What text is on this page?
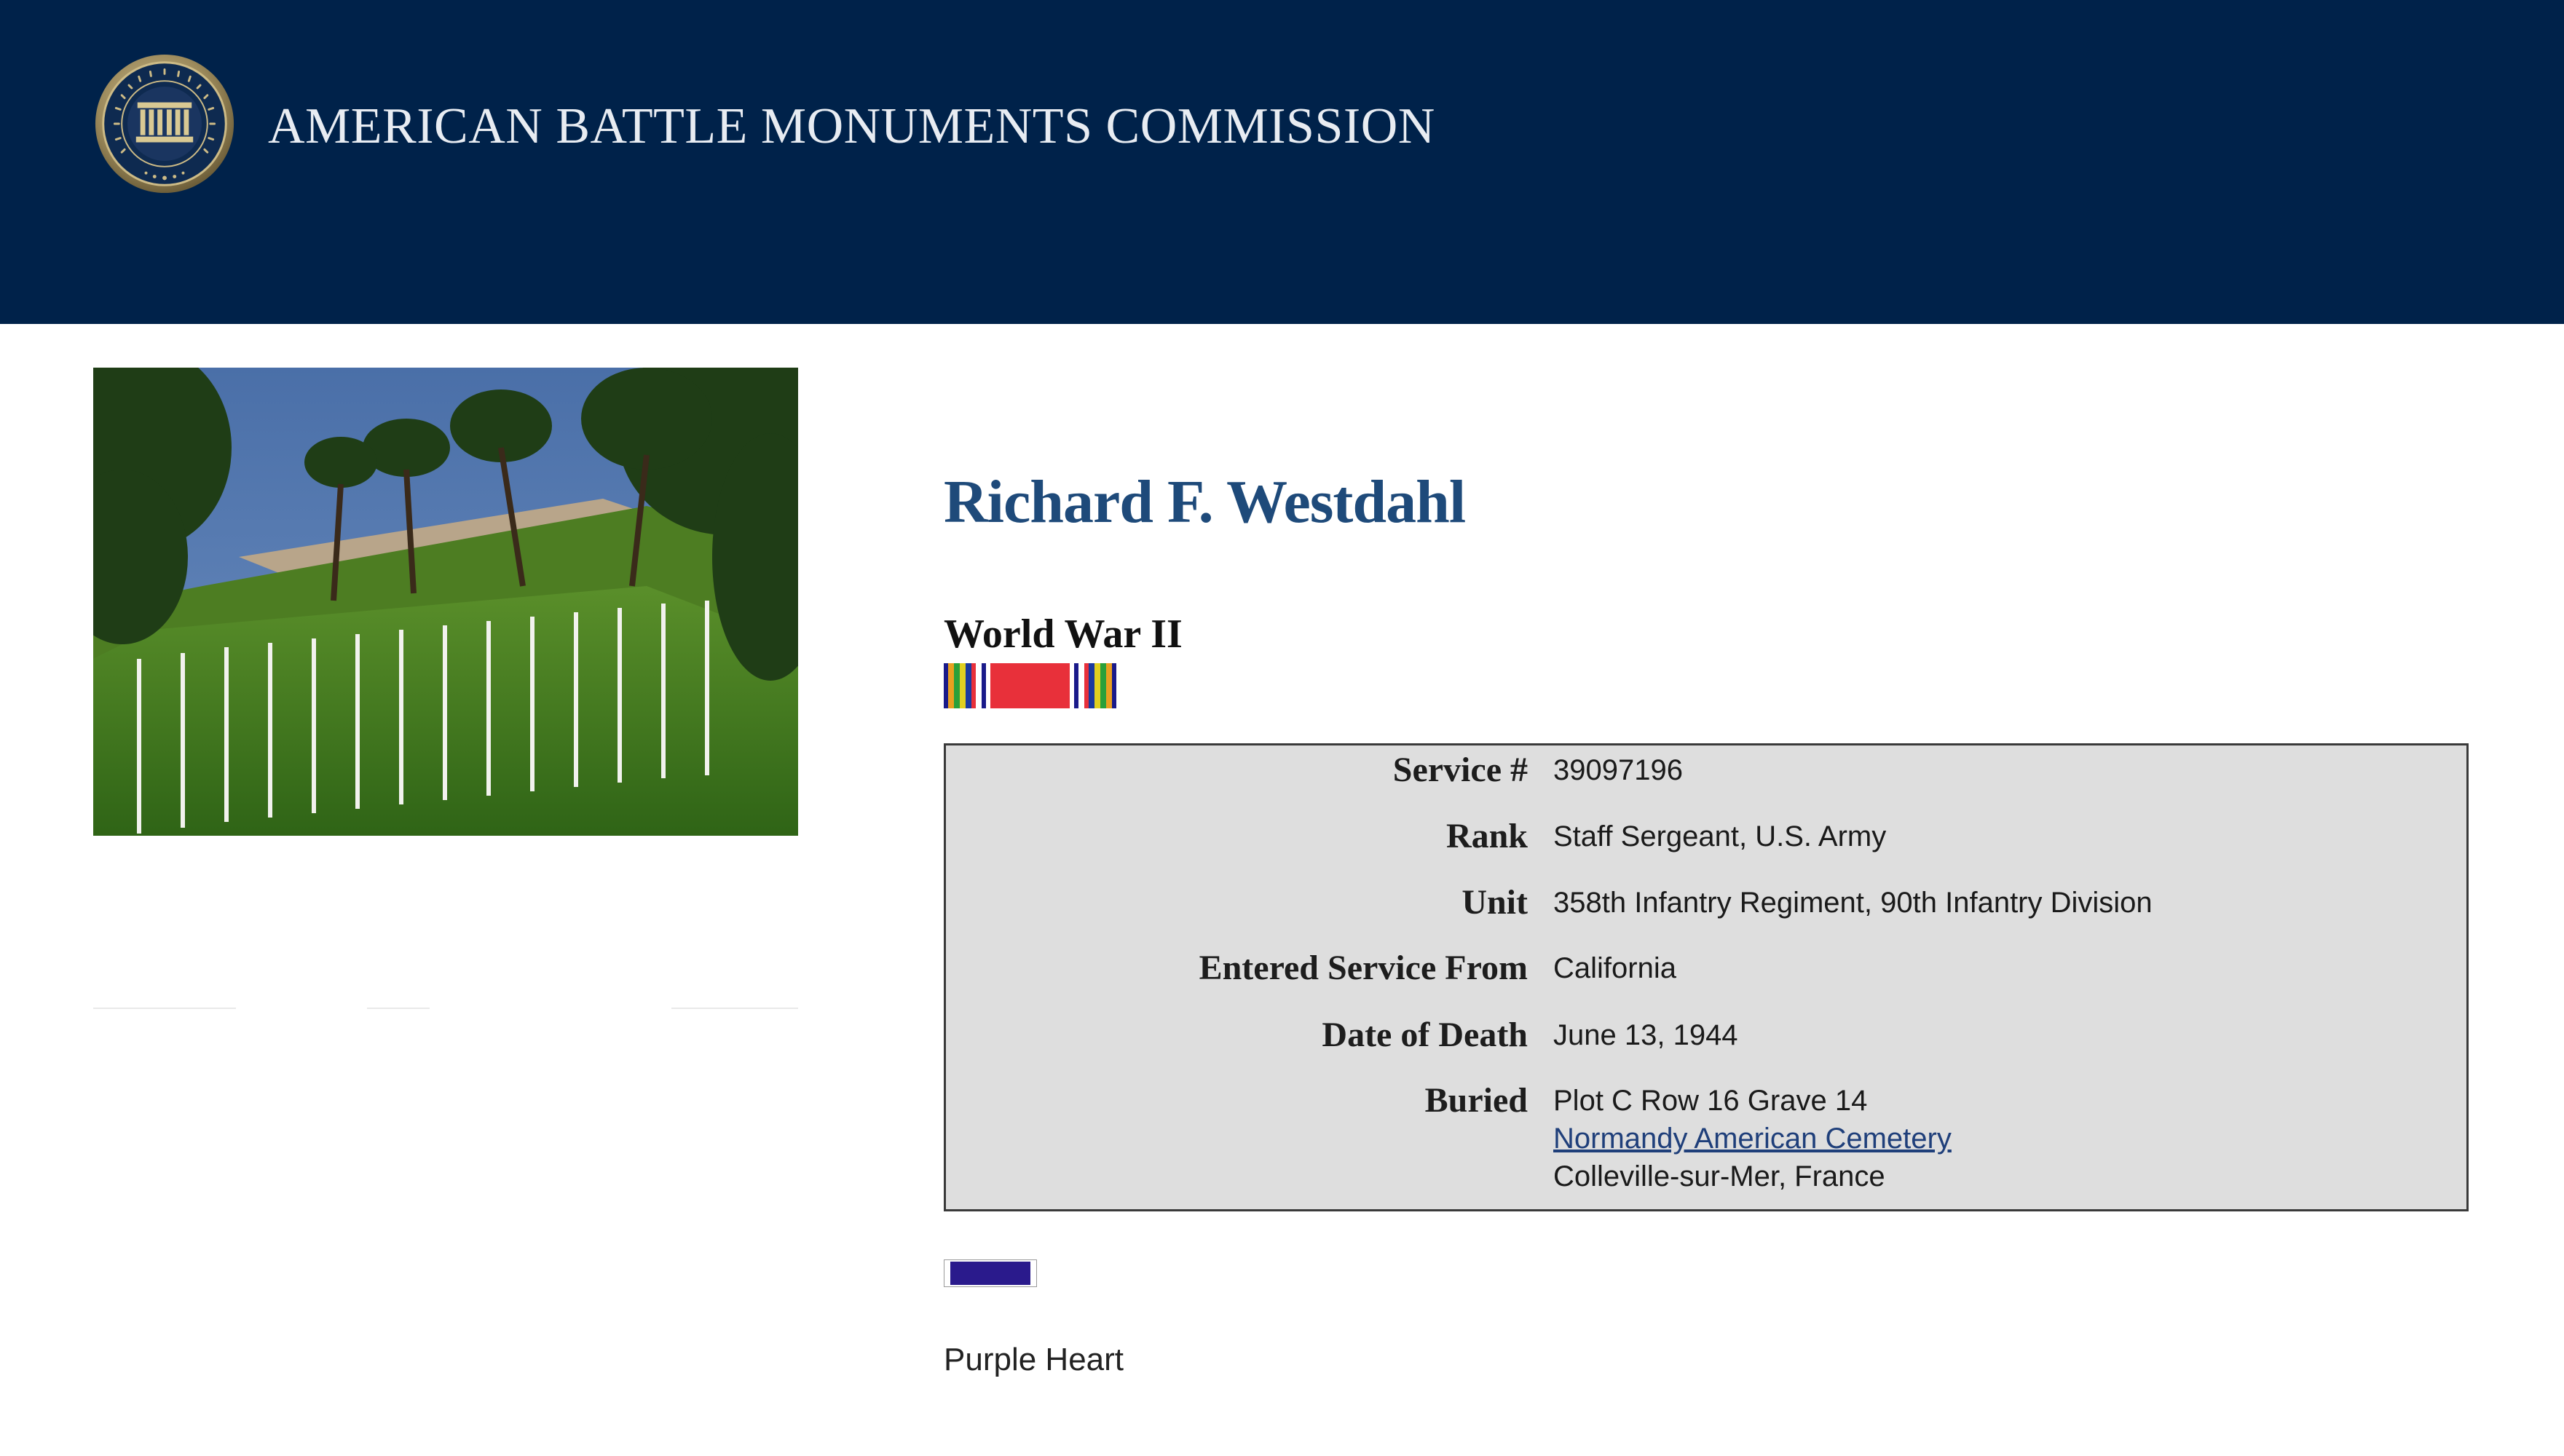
AMERICAN BATTLE MONUMENTS COMMISSION
Richard F. Westdahl
World War II
Service # 39097196
Rank Staff Sergeant, U.S. Army
Unit 358th Infantry Regiment, 90th Infantry Division
Entered Service From California
Date of Death June 13, 1944
Buried Plot C Row 16 Grave 14
Normandy American Cemetery
Colleville-sur-Mer, France
Purple Heart
